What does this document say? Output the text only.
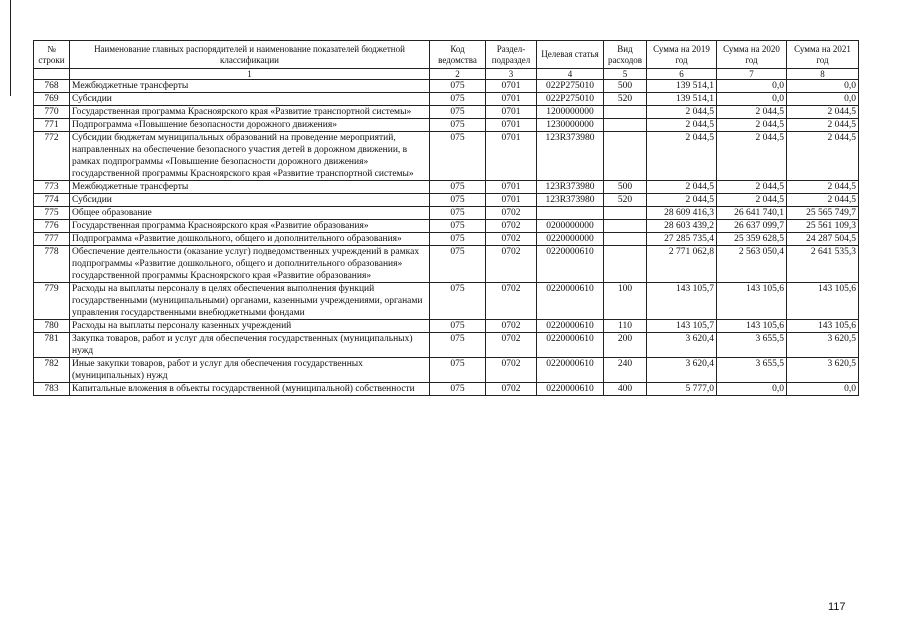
№ строки	Наименование главных распорядителей и наименование показателей бюджетной классификации	Код ведомства	Раздел-подраздел	Целевая статья	Вид расходов	Сумма на 2019 год	Сумма на 2020 год	Сумма на 2021 год
	1	2	3	4	5	6	7	8
768	Межбюджетные трансферты	075	0701	022P275010	500	139 514,1	0,0	0,0
769	Субсидии	075	0701	022P275010	520	139 514,1	0,0	0,0
770	Государственная программа Красноярского края «Развитие транспортной системы»	075	0701	1200000000		2 044,5	2 044,5	2 044,5
771	Подпрограмма «Повышение безопасности дорожного движения»	075	0701	1230000000		2 044,5	2 044,5	2 044,5
772	Субсидии бюджетам муниципальных образований на проведение мероприятий, направленных на обеспечение безопасного участия детей в дорожном движении, в рамках подпрограммы «Повышение безопасности дорожного движения» государственной программы Красноярского края «Развитие транспортной системы»	075	0701	123R373980		2 044,5	2 044,5	2 044,5
773	Межбюджетные трансферты	075	0701	123R373980	500	2 044,5	2 044,5	2 044,5
774	Субсидии	075	0701	123R373980	520	2 044,5	2 044,5	2 044,5
775	Общее образование	075	0702			28 609 416,3	26 641 740,1	25 565 749,7
776	Государственная программа Красноярского края «Развитие образования»	075	0702	0200000000		28 603 439,2	26 637 099,7	25 561 109,3
777	Подпрограмма «Развитие дошкольного, общего и дополнительного образования»	075	0702	0220000000		27 285 735,4	25 359 628,5	24 287 504,5
778	Обеспечение деятельности (оказание услуг) подведомственных учреждений в рамках подпрограммы «Развитие дошкольного, общего и дополнительного образования» государственной программы Красноярского края «Развитие образования»	075	0702	0220000610		2 771 062,8	2 563 050,4	2 641 535,3
779	Расходы на выплаты персоналу в целях обеспечения выполнения функций государственными (муниципальными) органами, казенными учреждениями, органами управления государственными внебюджетными фондами	075	0702	0220000610	100	143 105,7	143 105,6	143 105,6
780	Расходы на выплаты персоналу казенных учреждений	075	0702	0220000610	110	143 105,7	143 105,6	143 105,6
781	Закупка товаров, работ и услуг для обеспечения государственных (муниципальных) нужд	075	0702	0220000610	200	3 620,4	3 655,5	3 620,5
782	Иные закупки товаров, работ и услуг для обеспечения государственных (муниципальных) нужд	075	0702	0220000610	240	3 620,4	3 655,5	3 620,5
783	Капитальные вложения в объекты государственной (муниципальной) собственности	075	0702	0220000610	400	5 777,0	0,0	0,0
117
